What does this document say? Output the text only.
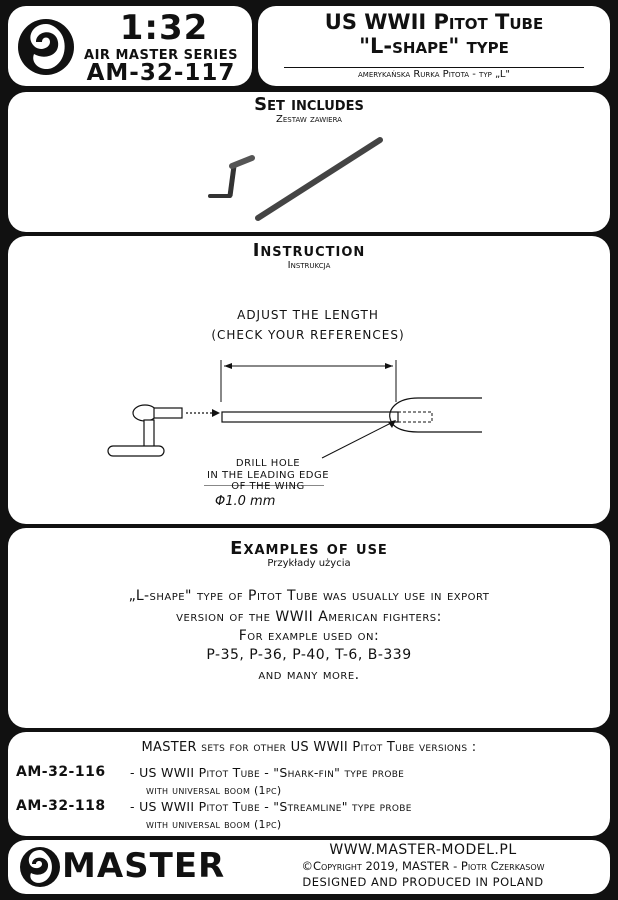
1:32
AIR MASTER SERIES
AM-32-117
US WWII Pitot Tube
"L-shape" type
amerykańska Rurka Pitota - typ „L"
Set includes
Zestaw zawiera
Instruction
Instrukcja
ADJUST THE LENGTH
(CHECK YOUR REFERENCES)
DRILL HOLE
IN THE LEADING EDGE
OF THE WING
Φ1.0 mm
Examples of use
Przykłady użycia
„L-shape" type of Pitot Tube was usually use in export
version of the WWII American fighters:
For example used on:
P-35, P-36, P-40, T-6, B-339
and many more.
MASTER sets for other US WWII Pitot Tube versions :
AM-32-116	- US WWII Pitot Tube - "Shark-fin" type probe
with universal boom (1pc)
AM-32-118	- US WWII Pitot Tube - "Streamline" type probe
with universal boom (1pc)
MASTER	WWW.MASTER-MODEL.PL
©Copyright 2019, MASTER - Piotr Czerkasow
DESIGNED AND PRODUCED IN POLAND
